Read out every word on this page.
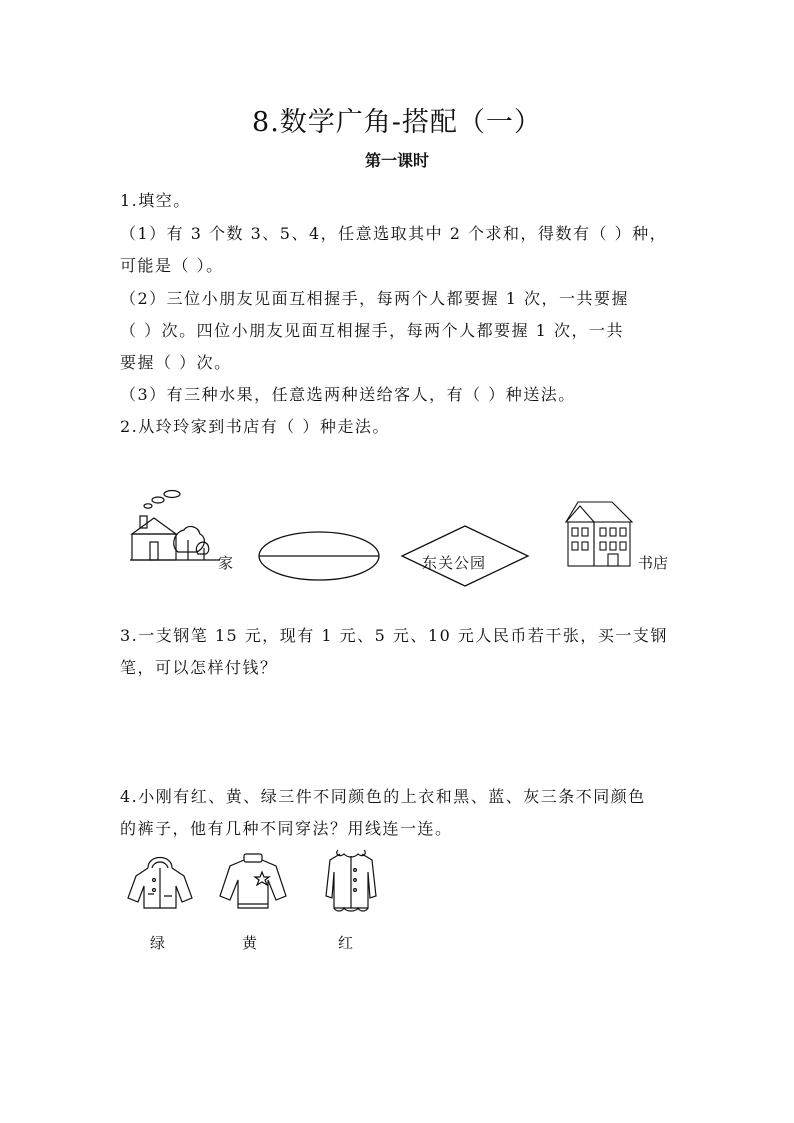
8.数学广角-搭配（一）
第一课时
1.填空。
（1）有 3 个数 3、5、4，任意选取其中 2 个求和，得数有（ ）种，
可能是（ ）。
（2）三位小朋友见面互相握手，每两个人都要握 1 次，一共要握
（ ）次。四位小朋友见面互相握手，每两个人都要握 1 次，一共
要握（ ）次。
（3）有三种水果，任意选两种送给客人，有（ ）种送法。
2.从玲玲家到书店有（ ）种走法。
家	东关公园	书店
3.一支钢笔 15 元，现有 1 元、5 元、10 元人民币若干张，买一支钢
笔，可以怎样付钱？
4.小刚有红、黄、绿三件不同颜色的上衣和黑、蓝、灰三条不同颜色
的裤子，他有几种不同穿法？用线连一连。
绿	黄	红
